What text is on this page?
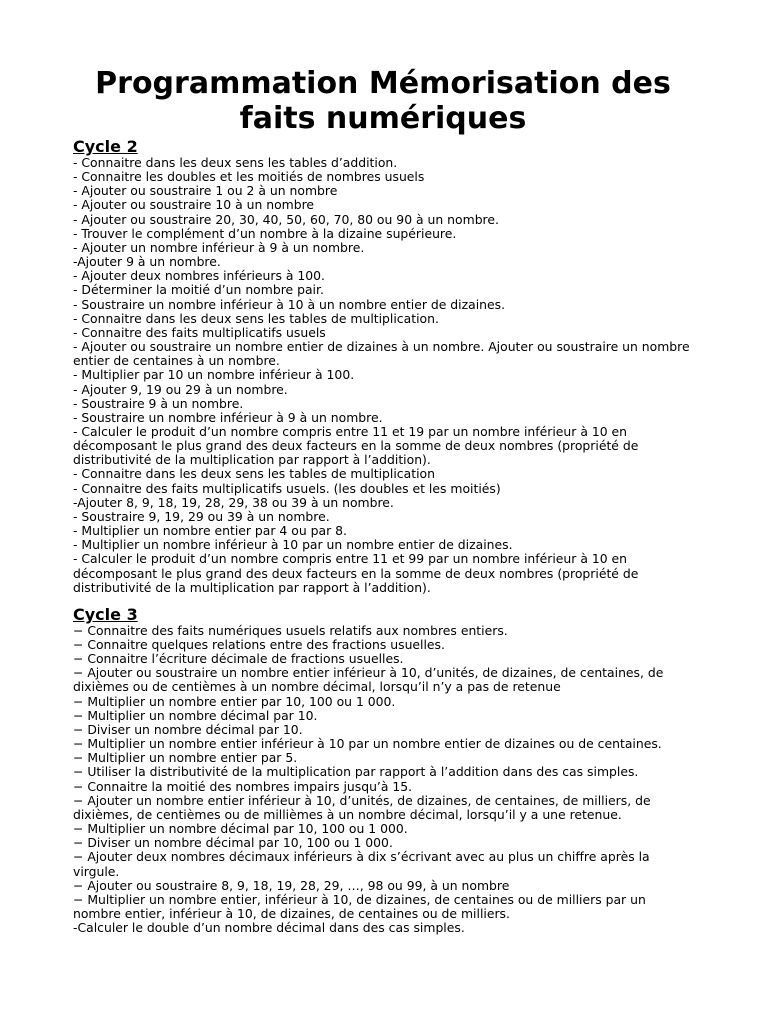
Programmation Mémorisation des
faits numériques
Cycle 2

- Connaitre dans les deux sens les tables d’addition.

- Connaitre les doubles et les moitiés de nombres usuels

- Ajouter ou soustraire 1 ou 2 à un nombre

- Ajouter ou soustraire 10 à un nombre

- Ajouter ou soustraire 20, 30, 40, 50, 60, 70, 80 ou 90 à un nombre.

- Trouver le complément d’un nombre à la dizaine supérieure.

- Ajouter un nombre inférieur à 9 à un nombre.

-Ajouter 9 à un nombre.

- Ajouter deux nombres inférieurs à 100.

- Déterminer la moitié d’un nombre pair.

- Soustraire un nombre inférieur à 10 à un nombre entier de dizaines.

- Connaitre dans les deux sens les tables de multiplication.

- Connaitre des faits multiplicatifs usuels

- Ajouter ou soustraire un nombre entier de dizaines à un nombre. Ajouter ou soustraire un nombre entier de centaines à un nombre.

- Multiplier par 10 un nombre inférieur à 100.

- Ajouter 9, 19 ou 29 à un nombre.

- Soustraire 9 à un nombre.

- Soustraire un nombre inférieur à 9 à un nombre.

- Calculer le produit d’un nombre compris entre 11 et 19 par un nombre inférieur à 10 en décomposant le plus grand des deux facteurs en la somme de deux nombres (propriété de distributivité de la multiplication par rapport à l’addition).

- Connaitre dans les deux sens les tables de multiplication

- Connaitre des faits multiplicatifs usuels. (les doubles et les moitiés)

-Ajouter 8, 9, 18, 19, 28, 29, 38 ou 39 à un nombre.

- Soustraire 9, 19, 29 ou 39 à un nombre.

- Multiplier un nombre entier par 4 ou par 8.

- Multiplier un nombre inférieur à 10 par un nombre entier de dizaines.

- Calculer le produit d’un nombre compris entre 11 et 99 par un nombre inférieur à 10 en décomposant le plus grand des deux facteurs en la somme de deux nombres (propriété de distributivité de la multiplication par rapport à l’addition).

Cycle 3

− Connaitre des faits numériques usuels relatifs aux nombres entiers.

− Connaitre quelques relations entre des fractions usuelles.

− Connaitre l’écriture décimale de fractions usuelles.

− Ajouter ou soustraire un nombre entier inférieur à 10, d’unités, de dizaines, de centaines, de dixièmes ou de centièmes à un nombre décimal, lorsqu’il n’y a pas de retenue

− Multiplier un nombre entier par 10, 100 ou 1 000.

− Multiplier un nombre décimal par 10.

− Diviser un nombre décimal par 10.

− Multiplier un nombre entier inférieur à 10 par un nombre entier de dizaines ou de centaines.

− Multiplier un nombre entier par 5.

− Utiliser la distributivité de la multiplication par rapport à l’addition dans des cas simples.

− Connaitre la moitié des nombres impairs jusqu’à 15.

− Ajouter un nombre entier inférieur à 10, d’unités, de dizaines, de centaines, de milliers, de dixièmes, de centièmes ou de millièmes à un nombre décimal, lorsqu’il y a une retenue.

− Multiplier un nombre décimal par 10, 100 ou 1 000.

− Diviser un nombre décimal par 10, 100 ou 1 000.

− Ajouter deux nombres décimaux inférieurs à dix s’écrivant avec au plus un chiffre après la virgule.

− Ajouter ou soustraire 8, 9, 18, 19, 28, 29, …, 98 ou 99, à un nombre

− Multiplier un nombre entier, inférieur à 10, de dizaines, de centaines ou de milliers par un nombre entier, inférieur à 10, de dizaines, de centaines ou de milliers.

-Calculer le double d’un nombre décimal dans des cas simples.
